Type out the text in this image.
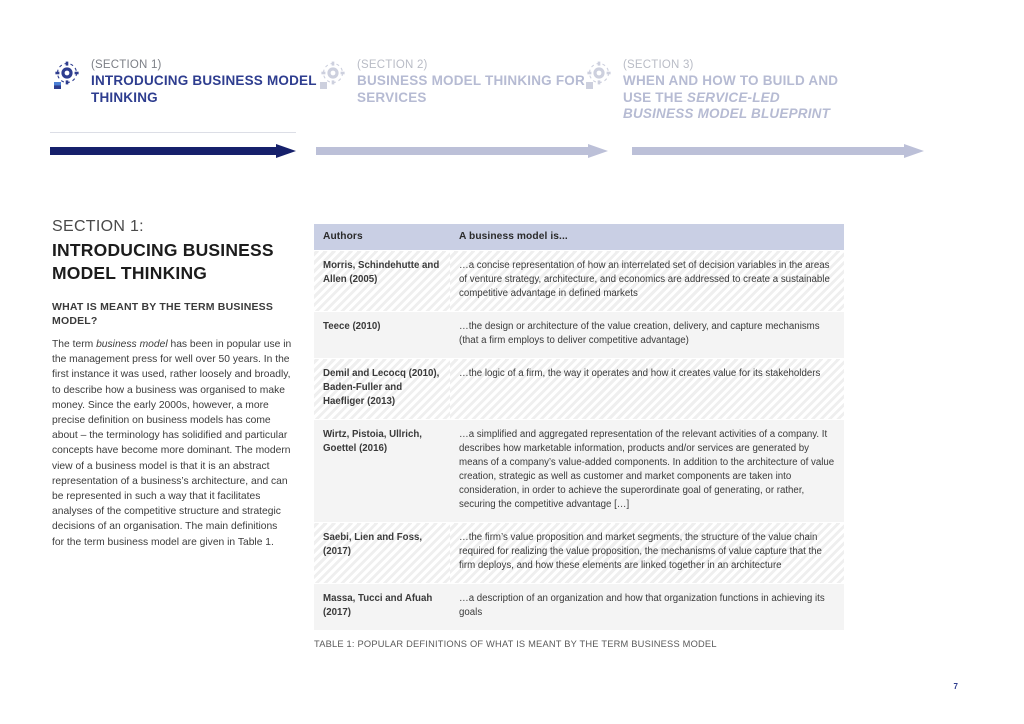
(SECTION 1)
INTRODUCING BUSINESS MODEL THINKING
(SECTION 2)
BUSINESS MODEL THINKING FOR SERVICES
(SECTION 3)
WHEN AND HOW TO BUILD AND USE THE SERVICE-LED BUSINESS MODEL BLUEPRINT

SECTION 1:

INTRODUCING BUSINESS MODEL THINKING
WHAT IS MEANT BY THE TERM BUSINESS MODEL?

The term business model has been in popular use in the management press for well over 50 years. In the first instance it was used, rather loosely and broadly, to describe how a business was organised to make money. Since the early 2000s, however, a more precise definition on business models has come about – the terminology has solidified and particular concepts have become more dominant. The modern view of a business model is that it is an abstract representation of a business’s architecture, and can be represented in such a way that it facilitates analyses of the competitive structure and strategic decisions of an organisation. The main definitions for the term business model are given in Table 1.

Authors	A business model is...
Morris, Schindehutte and Allen (2005)	…a concise representation of how an interrelated set of decision variables in the areas of venture strategy, architecture, and economics are addressed to create a sustainable competitive advantage in defined markets
Teece (2010)	…the design or architecture of the value creation, delivery, and capture mechanisms (that a firm employs to deliver competitive advantage)
Demil and Lecocq (2010), Baden-Fuller and Haefliger (2013)	…the logic of a firm, the way it operates and how it creates value for its stakeholders
Wirtz, Pistoia, Ullrich, Goettel (2016)	…a simplified and aggregated representation of the relevant activities of a company. It describes how marketable information, products and/or services are generated by means of a company’s value-added components. In addition to the architecture of value creation, strategic as well as customer and market components are taken into consideration, in order to achieve the superordinate goal of generating, or rather, securing the competitive advantage […]
Saebi, Lien and Foss, (2017)	…the firm’s value proposition and market segments, the structure of the value chain required for realizing the value proposition, the mechanisms of value capture that the firm deploys, and how these elements are linked together in an architecture
Massa, Tucci and Afuah (2017)	…a description of an organization and how that organization functions in achieving its goals
TABLE 1: POPULAR DEFINITIONS OF WHAT IS MEANT BY THE TERM BUSINESS MODEL
7
